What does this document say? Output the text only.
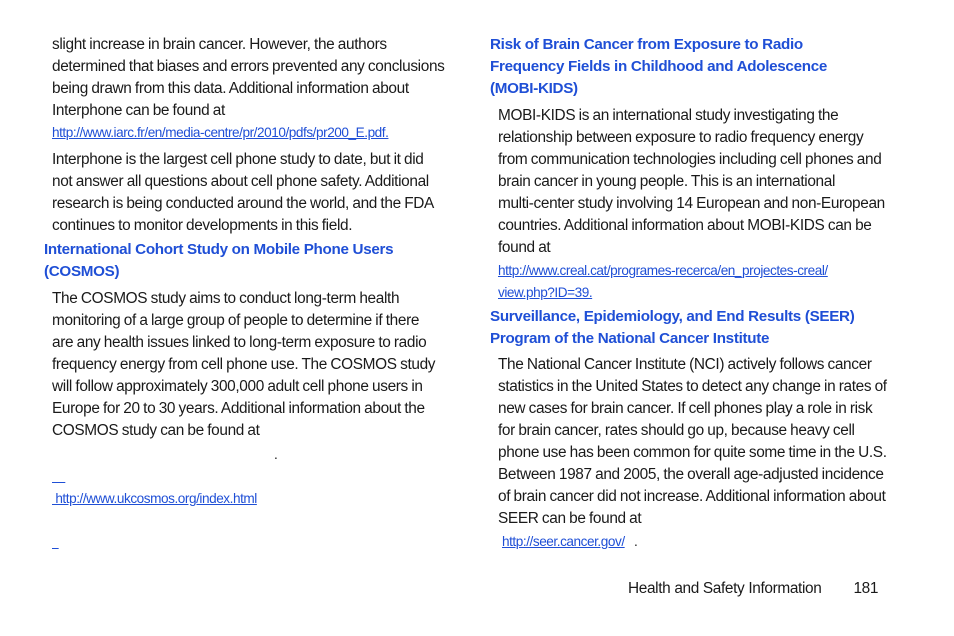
slight increase in brain cancer. However, the authors
determined that biases and errors prevented any conclusions
being drawn from this data. Additional information about
Interphone can be found at
http://www.iarc.fr/en/media-centre/pr/2010/pdfs/pr200_E.pdf.
Interphone is the largest cell phone study to date, but it did
not answer all questions about cell phone safety. Additional
research is being conducted around the world, and the FDA
continues to monitor developments in this field.
International Cohort Study on Mobile Phone Users
(COSMOS)
The COSMOS study aims to conduct long-term health
monitoring of a large group of people to determine if there
are any health issues linked to long-term exposure to radio
frequency energy from cell phone use. The COSMOS study
will follow approximately 300,000 adult cell phone users in
Europe for 20 to 30 years. Additional information about the
COSMOS study can be found at

http://www.ukcosmos.org/index.html

.
Risk of Brain Cancer from Exposure to Radio
Frequency Fields in Childhood and Adolescence
(MOBI-KIDS)
MOBI-KIDS is an international study investigating the
relationship between exposure to radio frequency energy
from communication technologies including cell phones and
brain cancer in young people. This is an international
multi-center study involving 14 European and non-European
countries. Additional information about MOBI-KIDS can be
found at
http://www.creal.cat/programes-recerca/en_projectes-creal/
view.php?ID=39.
Surveillance, Epidemiology, and End Results (SEER)
Program of the National Cancer Institute
The National Cancer Institute (NCI) actively follows cancer
statistics in the United States to detect any change in rates of
new cases for brain cancer. If cell phones play a role in risk
for brain cancer, rates should go up, because heavy cell
phone use has been common for quite some time in the U.S.
Between 1987 and 2005, the overall age-adjusted incidence
of brain cancer did not increase. Additional information about
SEER can be found at
http://seer.cancer.gov/ .
Health and Safety Information 181
